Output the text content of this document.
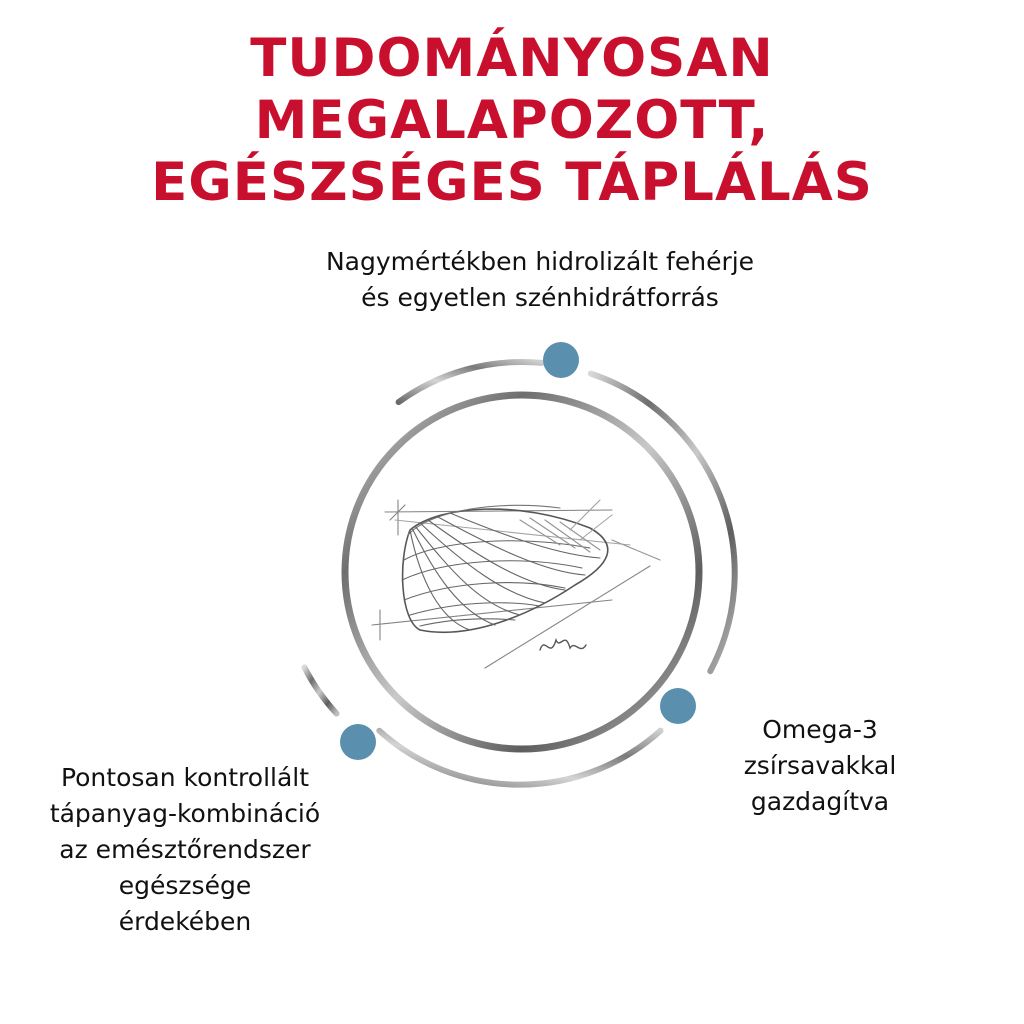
TUDOMÁNYOSAN MEGALAPOZOTT,
EGÉSZSÉGES TÁPLÁLÁS
Nagymértékben hidrolizált fehérje
és egyetlen szénhidrátforrás
Omega-3
zsírsavakkal
gazdagítva
Pontosan kontrollált
tápanyag-kombináció
az emésztőrendszer
egészsége
érdekében
